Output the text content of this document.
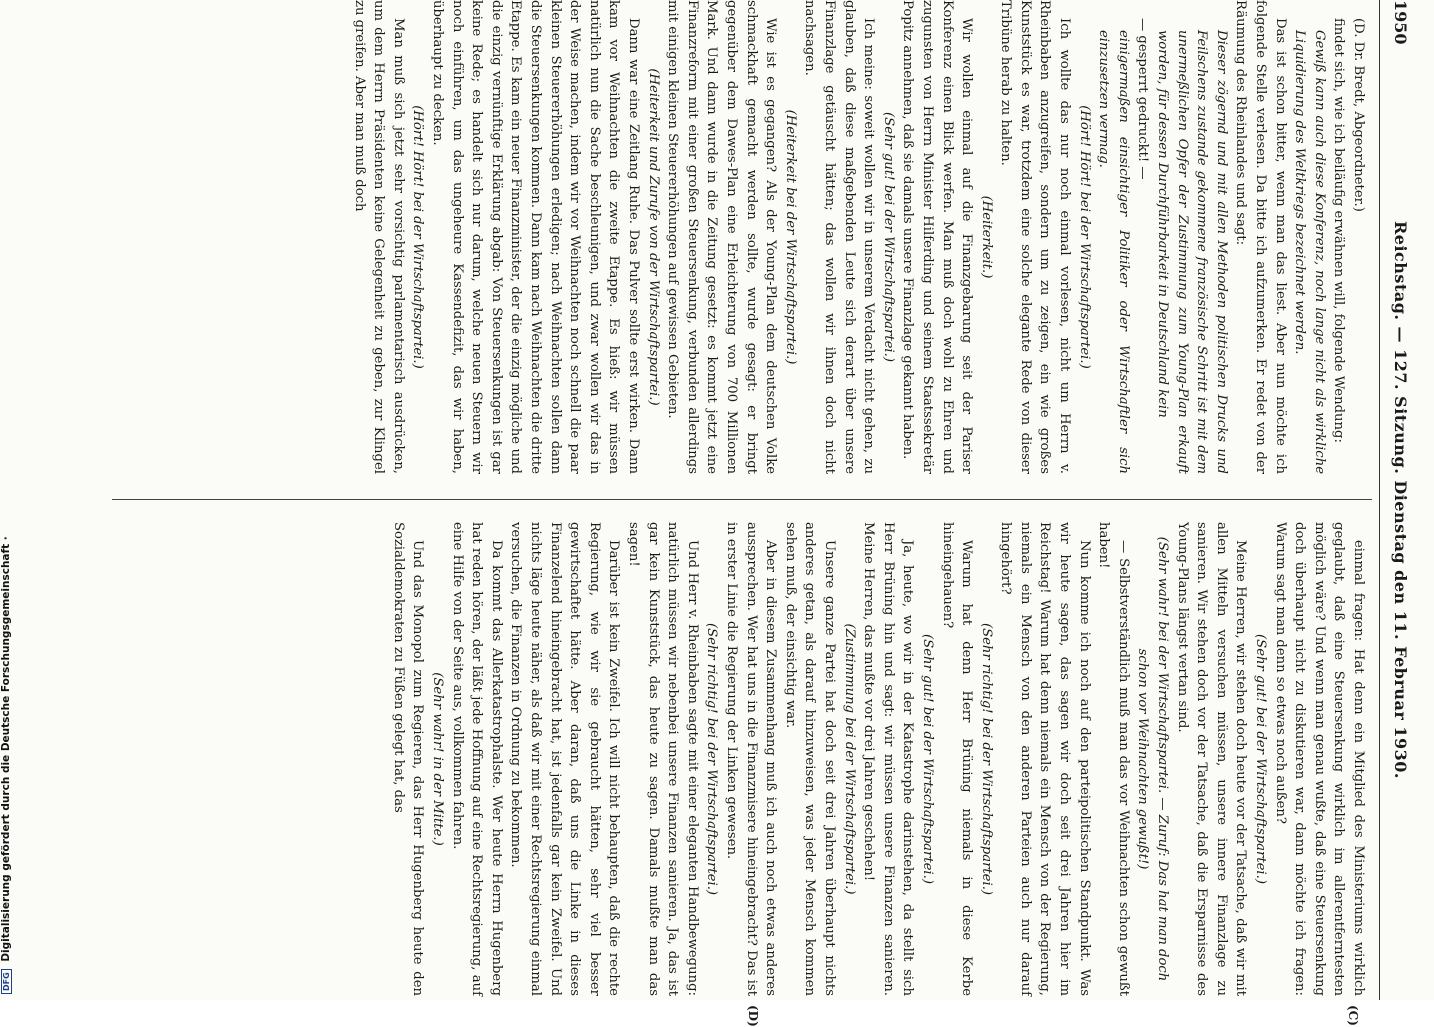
DFG Digitalisierung gefördert durch die Deutsche Forschungsgemeinschaft ·
1950
Reichstag. — 127. Sitzung. Dienstag den 11. Februar 1930.
(C)
(D)

(D. Dr. Bredt, Abgeordneter.)

findet sich, wie ich beiläufig erwähnen will, folgende Wendung:

Gewiß kann auch diese Konferenz, noch lange nicht als wirkliche Liquidierung des Weltkriegs bezeichnet werden.

Das ist schon bitter, wenn man das liest. Aber nun möchte ich folgende Stelle verlesen. Da bitte ich aufzumerken. Er redet von der Räumung des Rheinlandes und sagt:

Dieser zögernd und mit allen Methoden politischen Drucks und Feilschens zustande gekommene französische Schritt ist mit dem unermeßlichen Opfer der Zustimmung zum Young-Plan erkauft worden, für dessen Durchführbarkeit in Deutschland kein

— gesperrt gedruckt! —

einigermaßen einsichtiger Politiker oder Wirtschaftler sich einzusetzen vermag.

(Hört! Hört! bei der Wirtschaftspartei.)

Ich wollte das nur noch einmal vorlesen, nicht um Herrn v. Rheinbaben anzugreifen, sondern um zu zeigen, ein wie großes Kunststück es war, trotzdem eine solche elegante Rede von dieser Tribüne herab zu halten.

(Heiterkeit.)

Wir wollen einmal auf die Finanzgebarung seit der Pariser Konferenz einen Blick werfen. Man muß doch wohl zu Ehren und zugunsten von Herrn Minister Hilferding und seinem Staatssekretär Popitz annehmen, daß sie damals unsere Finanzlage gekannt haben.

(Sehr gut! bei der Wirtschaftspartei.)

Ich meine: soweit wollen wir in unserem Verdacht nicht gehen, zu glauben, daß diese maßgebenden Leute sich derart über unsere Finanzlage getäuscht hätten; das wollen wir ihnen doch nicht nachsagen.

(Heiterkeit bei der Wirtschaftspartei.)

Wie ist es gegangen? Als der Young-Plan dem deutschen Volke schmackhaft gemacht werden sollte, wurde gesagt: er bringt gegenüber dem Dawes-Plan eine Erleichterung von 700 Millionen Mark. Und dann wurde in die Zeitung gesetzt: es kommt jetzt eine Finanzreform mit einer großen Steuersenkung, verbunden allerdings mit einigen kleinen Steuererhöhungen auf gewissen Gebieten.

(Heiterkeit und Zurufe von der Wirtschaftspartei.)

Dann war eine Zeitlang Ruhe. Das Pulver sollte erst wirken. Dann kam vor Weihnachten die zweite Etappe. Es hieß: wir müssen natürlich nun die Sache beschleunigen, und zwar wollen wir das in der Weise machen, indem wir vor Weihnachten noch schnell die paar kleinen Steuererhöhungen erledigen; nach Weihnachten sollen dann die Steuersenkungen kommen. Dann kam nach Weihnachten die dritte Etappe. Es kam ein neuer Finanzminister, der die einzig mögliche und die einzig vernünftige Erklärung abgab: Von Steuersenkungen ist gar keine Rede; es handelt sich nur darum, welche neuen Steuern wir noch einführen, um das ungeheure Kassendefizit, das wir haben, überhaupt zu decken.

(Hört! Hört! bei der Wirtschaftspartei.)

Man muß sich jetzt sehr vorsichtig parlamentarisch ausdrücken, um dem Herrn Präsidenten keine Gelegenheit zu geben, zur Klingel zu greifen. Aber man muß doch

einmal fragen: Hat denn ein Mitglied des Ministeriums wirklich geglaubt, daß eine Steuersenkung wirklich im allerentferntesten möglich wäre? Und wenn man genau wußte, daß eine Steuersenkung doch überhaupt nicht zu diskutieren war, dann möchte ich fragen: Warum sagt man denn so etwas noch außen?

(Sehr gut! bei der Wirtschaftspartei.)

Meine Herren, wir stehen doch heute vor der Tatsache, daß wir mit allen Mitteln versuchen müssen, unsere innere Finanzlage zu sanieren. Wir stehen doch vor der Tatsache, daß die Ersparnisse des Young-Plans längst vertan sind.

(Sehr wahr! bei der Wirtschaftspartei. — Zuruf: Das hat man doch schon vor Weihnachten gewußt!)

— Selbstverständlich muß man das vor Weihnachten schon gewußt haben!

Nun komme ich noch auf den parteipolitischen Standpunkt. Was wir heute sagen, das sagen wir doch seit drei Jahren hier im Reichstag! Warum hat denn niemals ein Mensch von der Regierung, niemals ein Mensch von den anderen Parteien auch nur darauf hingehört?

(Sehr richtig! bei der Wirtschaftspartei.)

Warum hat denn Herr Brüning niemals in diese Kerbe hineingehauen?

(Sehr gut! bei der Wirtschaftspartei.)

Ja, heute, wo wir in der Katastrophe darinstehen, da stellt sich Herr Brüning hin und sagt: wir müssen unsere Finanzen sanieren. Meine Herren, das mußte vor drei Jahren geschehen!

(Zustimmung bei der Wirtschaftspartei.)

Unsere ganze Partei hat doch seit drei Jahren überhaupt nichts anderes getan, als darauf hinzuweisen, was jeder Mensch kommen sehen muß, der einsichtig war.

Aber in diesem Zusammenhang muß ich auch noch etwas anderes aussprechen. Wer hat uns in die Finanzmisere hineingebracht? Das ist in erster Linie die Regierung der Linken gewesen.

(Sehr richtig! bei der Wirtschaftspartei.)

Und Herr v. Rheinbaben sagte mit einer eleganten Handbewegung: natürlich müssen wir nebenbei unsere Finanzen sanieren. Ja, das ist gar kein Kunststück, das heute zu sagen. Damals mußte man das sagen!

Darüber ist kein Zweifel. Ich will nicht behaupten, daß die rechte Regierung, wie wir sie gebraucht hätten, sehr viel besser gewirtschaftet hätte. Aber daran, daß uns die Linke in dieses Finanzelend hineingebracht hat, ist jedenfalls gar kein Zweifel. Und nichts läge heute näher, als daß wir mit einer Rechtsregierung einmal versuchen, die Finanzen in Ordnung zu bekommen.

Da kommt das Allerkatastrophalste. Wer heute Herrn Hugenberg hat reden hören, der läßt jede Hoffnung auf eine Rechtsregierung, auf eine Hilfe von der Seite aus, vollkommen fahren.

(Sehr wahr! in der Mitte.)

Und das Monopol zum Regieren, das Herr Hugenberg heute den Sozialdemokraten zu Füßen gelegt hat, das
